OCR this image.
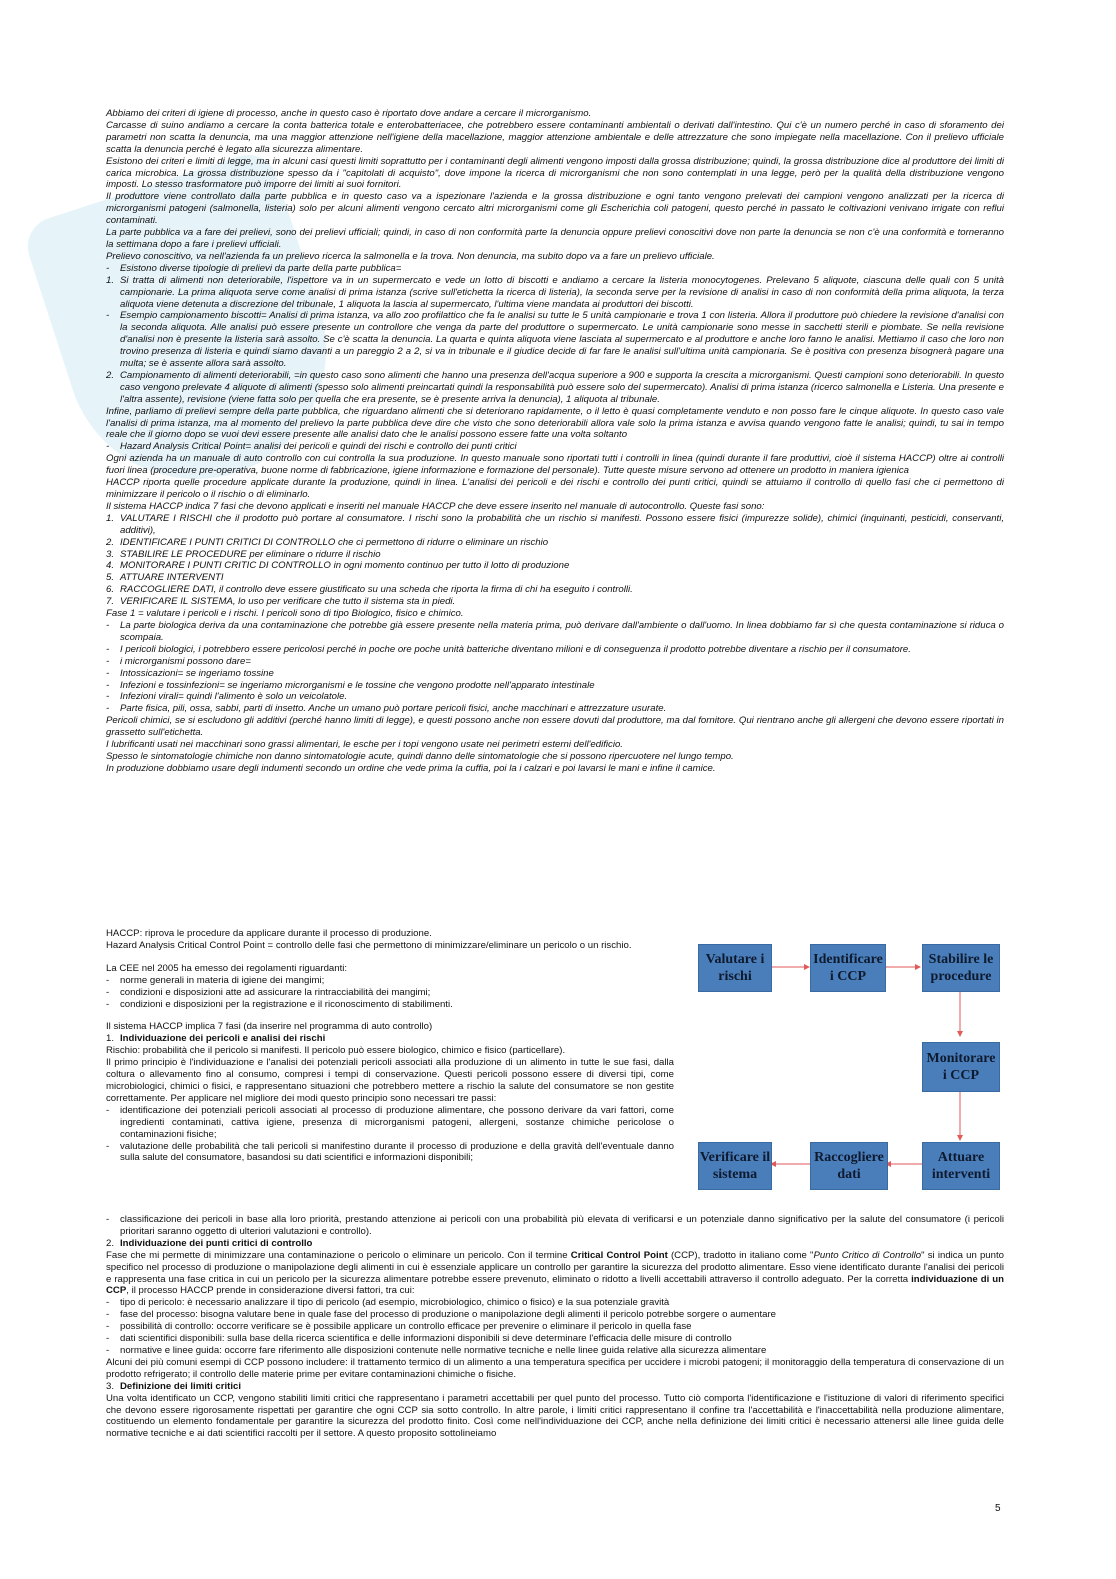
Abbiamo dei criteri di igiene di processo, anche in questo caso è riportato dove andare a cercare il microrganismo.

Carcasse di suino andiamo a cercare la conta batterica totale e enterobatteriacee, che potrebbero essere contaminanti ambientali o derivati dall'intestino. Qui c'è un numero perché in caso di sforamento dei parametri non scatta la denuncia, ma una maggior attenzione nell'igiene della macellazione, maggior attenzione ambientale e delle attrezzature che sono impiegate nella macellazione. Con il prelievo ufficiale scatta la denuncia perché è legato alla sicurezza alimentare.

Esistono dei criteri e limiti di legge, ma in alcuni casi questi limiti soprattutto per i contaminanti degli alimenti vengono imposti dalla grossa distribuzione; quindi, la grossa distribuzione dice al produttore dei limiti di carica microbica. La grossa distribuzione spesso da i "capitolati di acquisto", dove impone la ricerca di microrganismi che non sono contemplati in una legge, però per la qualità della distribuzione vengono imposti. Lo stesso trasformatore può imporre dei limiti ai suoi fornitori.

Il produttore viene controllato dalla parte pubblica e in questo caso va a ispezionare l'azienda e la grossa distribuzione e ogni tanto vengono prelevati dei campioni vengono analizzati per la ricerca di microrganismi patogeni (salmonella, listeria) solo per alcuni alimenti vengono cercato altri microrganismi come gli Escherichia coli patogeni, questo perché in passato le coltivazioni venivano irrigate con reflui contaminati.

La parte pubblica va a fare dei prelievi, sono dei prelievi ufficiali; quindi, in caso di non conformità parte la denuncia oppure prelievi conoscitivi dove non parte la denuncia se non c'è una conformità e torneranno la settimana dopo a fare i prelievi ufficiali.

Prelievo conoscitivo, va nell'azienda fa un prelievo ricerca la salmonella e la trova. Non denuncia, ma subito dopo va a fare un prelievo ufficiale.

-	Esistono diverse tipologie di prelievi da parte della parte pubblica=
1. Si tratta di alimenti non deteriorabile, l'ispettore va in un supermercato e vede un lotto di biscotti e andiamo a cercare la listeria monocytogenes. Prelevano 5 aliquote, ciascuna delle quali con 5 unità campionarie. La prima aliquota serve come analisi di prima istanza (scrive sull'etichetta la ricerca di listeria), la seconda serve per la revisione di analisi in caso di non conformità della prima aliquota, la terza aliquota viene detenuta a discrezione del tribunale, 1 aliquota la lascia al supermercato, l'ultima viene mandata ai produttori dei biscotti.
-	Esempio campionamento biscotti= Analisi di prima istanza, va allo zoo profilattico che fa le analisi su tutte le 5 unità campionarie e trova 1 con listeria. Allora il produttore può chiedere la revisione d'analisi con la seconda aliquota. Alle analisi può essere presente un controllore che venga da parte del produttore o supermercato. Le unità campionarie sono messe in sacchetti sterili e piombate. Se nella revisione d'analisi non è presente la listeria sarà assolto. Se c'è scatta la denuncia. La quarta e quinta aliquota viene lasciata al supermercato e al produttore e anche loro fanno le analisi. Mettiamo il caso che loro non trovino presenza di listeria e quindi siamo davanti a un pareggio 2 a 2, si va in tribunale e il giudice decide di far fare le analisi sull'ultima unità campionaria. Se è positiva con presenza bisognerà pagare una multa; se è assente allora sarà assolto.
2. Campionamento di alimenti deteriorabili, =in questo caso sono alimenti che hanno una presenza dell'acqua superiore a 900 e supporta la crescita a microrganismi. Questi campioni sono deteriorabili. In questo caso vengono prelevate 4 aliquote di alimenti (spesso solo alimenti preincartati quindi la responsabilità può essere solo del supermercato). Analisi di prima istanza (ricerco salmonella e Listeria. Una presente e l'altra assente), revisione (viene fatta solo per quella che era presente, se è presente arriva la denuncia), 1 aliquota al tribunale.

Infine, parliamo di prelievi sempre della parte pubblica, che riguardano alimenti che si deteriorano rapidamente, o il letto è quasi completamente venduto e non posso fare le cinque aliquote. In questo caso vale l'analisi di prima istanza, ma al momento del prelievo la parte pubblica deve dire che visto che sono deteriorabili allora vale solo la prima istanza e avvisa quando vengono fatte le analisi; quindi, tu sai in tempo reale che il giorno dopo se vuoi devi essere presente alle analisi dato che le analisi possono essere fatte una volta soltanto

-	Hazard Analysis Critical Point= analisi dei pericoli e quindi dei rischi e controllo dei punti critici

Ogni azienda ha un manuale di auto controllo con cui controlla la sua produzione. In questo manuale sono riportati tutti i controlli in linea (quindi durante il fare produttivi, cioè il sistema HACCP) oltre ai controlli fuori linea (procedure pre-operativa, buone norme di fabbricazione, igiene informazione e formazione del personale). Tutte queste misure servono ad ottenere un prodotto in maniera igienica

HACCP riporta quelle procedure applicate durante la produzione, quindi in linea. L'analisi dei pericoli e dei rischi e controllo dei punti critici, quindi se attuiamo il controllo di quello fasi che ci permettono di minimizzare il pericolo o il rischio o di eliminarlo.

Il sistema HACCP indica 7 fasi che devono applicati e inseriti nel manuale HACCP che deve essere inserito nel manuale di autocontrollo. Queste fasi sono:

1. VALUTARE I RISCHI che il prodotto può portare al consumatore. I rischi sono la probabilità che un rischio si manifesti. Possono essere fisici (impurezze solide), chimici (inquinanti, pesticidi, conservanti, additivi),
2. IDENTIFICARE I PUNTI CRITICI DI CONTROLLO che ci permettono di ridurre o eliminare un rischio
3. STABILIRE LE PROCEDURE per eliminare o ridurre il rischio
4. MONITORARE I PUNTI CRITIC DI CONTROLLO in ogni momento continuo per tutto il lotto di produzione
5. ATTUARE INTERVENTI
6. RACCOGLIERE DATI, il controllo deve essere giustificato su una scheda che riporta la firma di chi ha eseguito i controlli.
7. VERIFICARE IL SISTEMA, lo uso per verificare che tutto il sistema sta in piedi.

Fase 1 = valutare i pericoli e i rischi. I pericoli sono di tipo Biologico, fisico e chimico.

-	La parte biologica deriva da una contaminazione che potrebbe già essere presente nella materia prima, può derivare dall'ambiente o dall'uomo. In linea dobbiamo far sì che questa contaminazione si riduca o scompaia.
-	I pericoli biologici, i potrebbero essere pericolosi perché in poche ore poche unità batteriche diventano milioni e di conseguenza il prodotto potrebbe diventare a rischio per il consumatore.
-	i microrganismi possono dare=
-	Intossicazioni= se ingeriamo tossine
-	Infezioni e tossinfezioni= se ingeriamo microrganismi e le tossine che vengono prodotte nell'apparato intestinale
-	Infezioni virali= quindi l'alimento è solo un veicolatole.
-	Parte fisica, pili, ossa, sabbi, parti di insetto. Anche un umano può portare pericoli fisici, anche macchinari e attrezzature usurate.

Pericoli chimici, se si escludono gli additivi (perché hanno limiti di legge), e questi possono anche non essere dovuti dal produttore, ma dal fornitore. Qui rientrano anche gli allergeni che devono essere riportati in grassetto sull'etichetta.

I lubrificanti usati nei macchinari sono grassi alimentari, le esche per i topi vengono usate nei perimetri esterni dell'edificio.

Spesso le sintomatologie chimiche non danno sintomatologie acute, quindi danno delle sintomatologie che si possono ripercuotere nel lungo tempo.

In produzione dobbiamo usare degli indumenti secondo un ordine che vede prima la cuffia, poi la i calzari e poi lavarsi le mani e infine il camice.

HACCP: riprova le procedure da applicare durante il processo di produzione.

Hazard Analysis Critical Control Point = controllo delle fasi che permettono di minimizzare/eliminare un pericolo o un rischio.

La CEE nel 2005 ha emesso dei regolamenti riguardanti:

-	norme generali in materia di igiene dei mangimi;
-	condizioni e disposizioni atte ad assicurare la rintracciabilità dei mangimi;
-	condizioni e disposizioni per la registrazione e il riconoscimento di stabilimenti.

Il sistema HACCP implica 7 fasi (da inserire nel programma di auto controllo)

1. Individuazione dei pericoli e analisi dei rischi

Rischio: probabilità che il pericolo si manifesti. Il pericolo può essere biologico, chimico e fisico (particellare).

Il primo principio è l'individuazione e l'analisi dei potenziali pericoli associati alla produzione di un alimento in tutte le sue fasi, dalla coltura o allevamento fino al consumo, compresi i tempi di conservazione. Questi pericoli possono essere di diversi tipi, come microbiologici, chimici o fisici, e rappresentano situazioni che potrebbero mettere a rischio la salute del consumatore se non gestite correttamente. Per applicare nel migliore dei modi questo principio sono necessari tre passi:

-	identificazione dei potenziali pericoli associati al processo di produzione alimentare, che possono derivare da vari fattori, come ingredienti contaminati, cattiva igiene, presenza di microrganismi patogeni, allergeni, sostanze chimiche pericolose o contaminazioni fisiche;
-	valutazione delle probabilità che tali pericoli si manifestino durante il processo di produzione e della gravità dell'eventuale danno sulla salute del consumatore, basandosi su dati scientifici e informazioni disponibili;
-	classificazione dei pericoli in base alla loro priorità, prestando attenzione ai pericoli con una probabilità più elevata di verificarsi e un potenziale danno significativo per la salute del consumatore (i pericoli prioritari saranno oggetto di ulteriori valutazioni e controllo).
2. Individuazione dei punti critici di controllo

Fase che mi permette di minimizzare una contaminazione o pericolo o eliminare un pericolo. Con il termine Critical Control Point (CCP), tradotto in italiano come "Punto Critico di Controllo" si indica un punto specifico nel processo di produzione o manipolazione degli alimenti in cui è essenziale applicare un controllo per garantire la sicurezza del prodotto alimentare. Esso viene identificato durante l'analisi dei pericoli e rappresenta una fase critica in cui un pericolo per la sicurezza alimentare potrebbe essere prevenuto, eliminato o ridotto a livelli accettabili attraverso il controllo adeguato. Per la corretta individuazione di un CCP, il processo HACCP prende in considerazione diversi fattori, tra cui:

-	tipo di pericolo: è necessario analizzare il tipo di pericolo (ad esempio, microbiologico, chimico o fisico) e la sua potenziale gravità
-	fase del processo: bisogna valutare bene in quale fase del processo di produzione o manipolazione degli alimenti il pericolo potrebbe sorgere o aumentare
-	possibilità di controllo: occorre verificare se è possibile applicare un controllo efficace per prevenire o eliminare il pericolo in quella fase
-	dati scientifici disponibili: sulla base della ricerca scientifica e delle informazioni disponibili si deve determinare l'efficacia delle misure di controllo
-	normative e linee guida: occorre fare riferimento alle disposizioni contenute nelle normative tecniche e nelle linee guida relative alla sicurezza alimentare

Alcuni dei più comuni esempi di CCP possono includere: il trattamento termico di un alimento a una temperatura specifica per uccidere i microbi patogeni; il monitoraggio della temperatura di conservazione di un prodotto refrigerato; il controllo delle materie prime per evitare contaminazioni chimiche o fisiche.

3. Definizione dei limiti critici

Una volta identificato un CCP, vengono stabiliti limiti critici che rappresentano i parametri accettabili per quel punto del processo. Tutto ciò comporta l'identificazione e l'istituzione di valori di riferimento specifici che devono essere rigorosamente rispettati per garantire che ogni CCP sia sotto controllo. In altre parole, i limiti critici rappresentano il confine tra l'accettabilità e l'inaccettabilità nella produzione alimentare, costituendo un elemento fondamentale per garantire la sicurezza del prodotto finito. Così come nell'individuazione dei CCP, anche nella definizione dei limiti critici è necessario attenersi alle linee guida delle normative tecniche e ai dati scientifici raccolti per il settore. A questo proposito sottolineiamo

Valutare i rischi
Identificare i CCP
Stabilire le procedure
Monitorare i CCP
Attuare interventi
Raccogliere dati
Verificare il sistema
5
